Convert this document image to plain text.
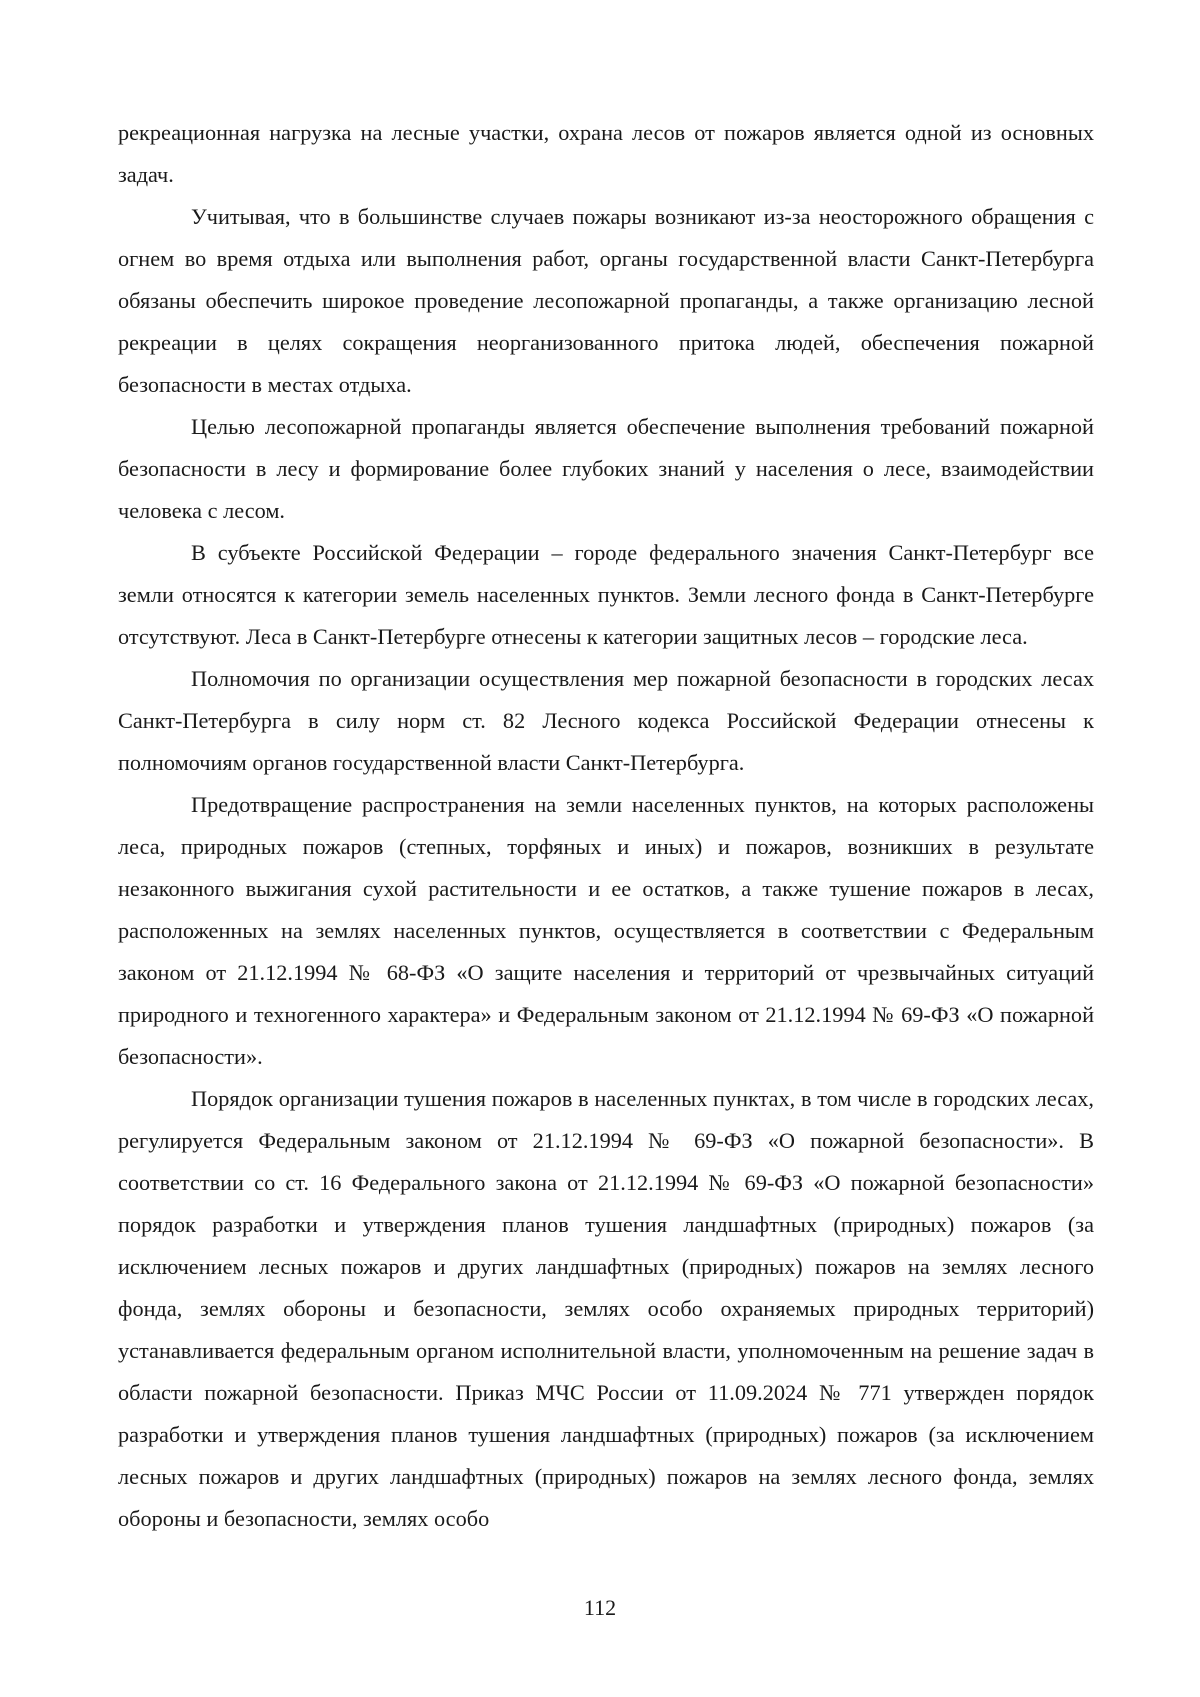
рекреационная нагрузка на лесные участки, охрана лесов от пожаров является одной из основных задач.

Учитывая, что в большинстве случаев пожары возникают из-за неосторожного обращения с огнем во время отдыха или выполнения работ, органы государственной власти Санкт-Петербурга обязаны обеспечить широкое проведение лесопожарной пропаганды, а также организацию лесной рекреации в целях сокращения неорганизованного притока людей, обеспечения пожарной безопасности в местах отдыха.

Целью лесопожарной пропаганды является обеспечение выполнения требований пожарной безопасности в лесу и формирование более глубоких знаний у населения о лесе, взаимодействии человека с лесом.

В субъекте Российской Федерации – городе федерального значения Санкт-Петербург все земли относятся к категории земель населенных пунктов. Земли лесного фонда в Санкт-Петербурге отсутствуют. Леса в Санкт-Петербурге отнесены к категории защитных лесов – городские леса.

Полномочия по организации осуществления мер пожарной безопасности в городских лесах Санкт-Петербурга в силу норм ст. 82 Лесного кодекса Российской Федерации отнесены к полномочиям органов государственной власти Санкт-Петербурга.

Предотвращение распространения на земли населенных пунктов, на которых расположены леса, природных пожаров (степных, торфяных и иных) и пожаров, возникших в результате незаконного выжигания сухой растительности и ее остатков, а также тушение пожаров в лесах, расположенных на землях населенных пунктов, осуществляется в соответствии с Федеральным законом от 21.12.1994 № 68-ФЗ «О защите населения и территорий от чрезвычайных ситуаций природного и техногенного характера» и Федеральным законом от 21.12.1994 № 69-ФЗ «О пожарной безопасности».

Порядок организации тушения пожаров в населенных пунктах, в том числе в городских лесах, регулируется Федеральным законом от 21.12.1994 № 69-ФЗ «О пожарной безопасности». В соответствии со ст. 16 Федерального закона от 21.12.1994 № 69-ФЗ «О пожарной безопасности» порядок разработки и утверждения планов тушения ландшафтных (природных) пожаров (за исключением лесных пожаров и других ландшафтных (природных) пожаров на землях лесного фонда, землях обороны и безопасности, землях особо охраняемых природных территорий) устанавливается федеральным органом исполнительной власти, уполномоченным на решение задач в области пожарной безопасности. Приказ МЧС России от 11.09.2024 № 771 утвержден порядок разработки и утверждения планов тушения ландшафтных (природных) пожаров (за исключением лесных пожаров и других ландшафтных (природных) пожаров на землях лесного фонда, землях обороны и безопасности, землях особо

112
